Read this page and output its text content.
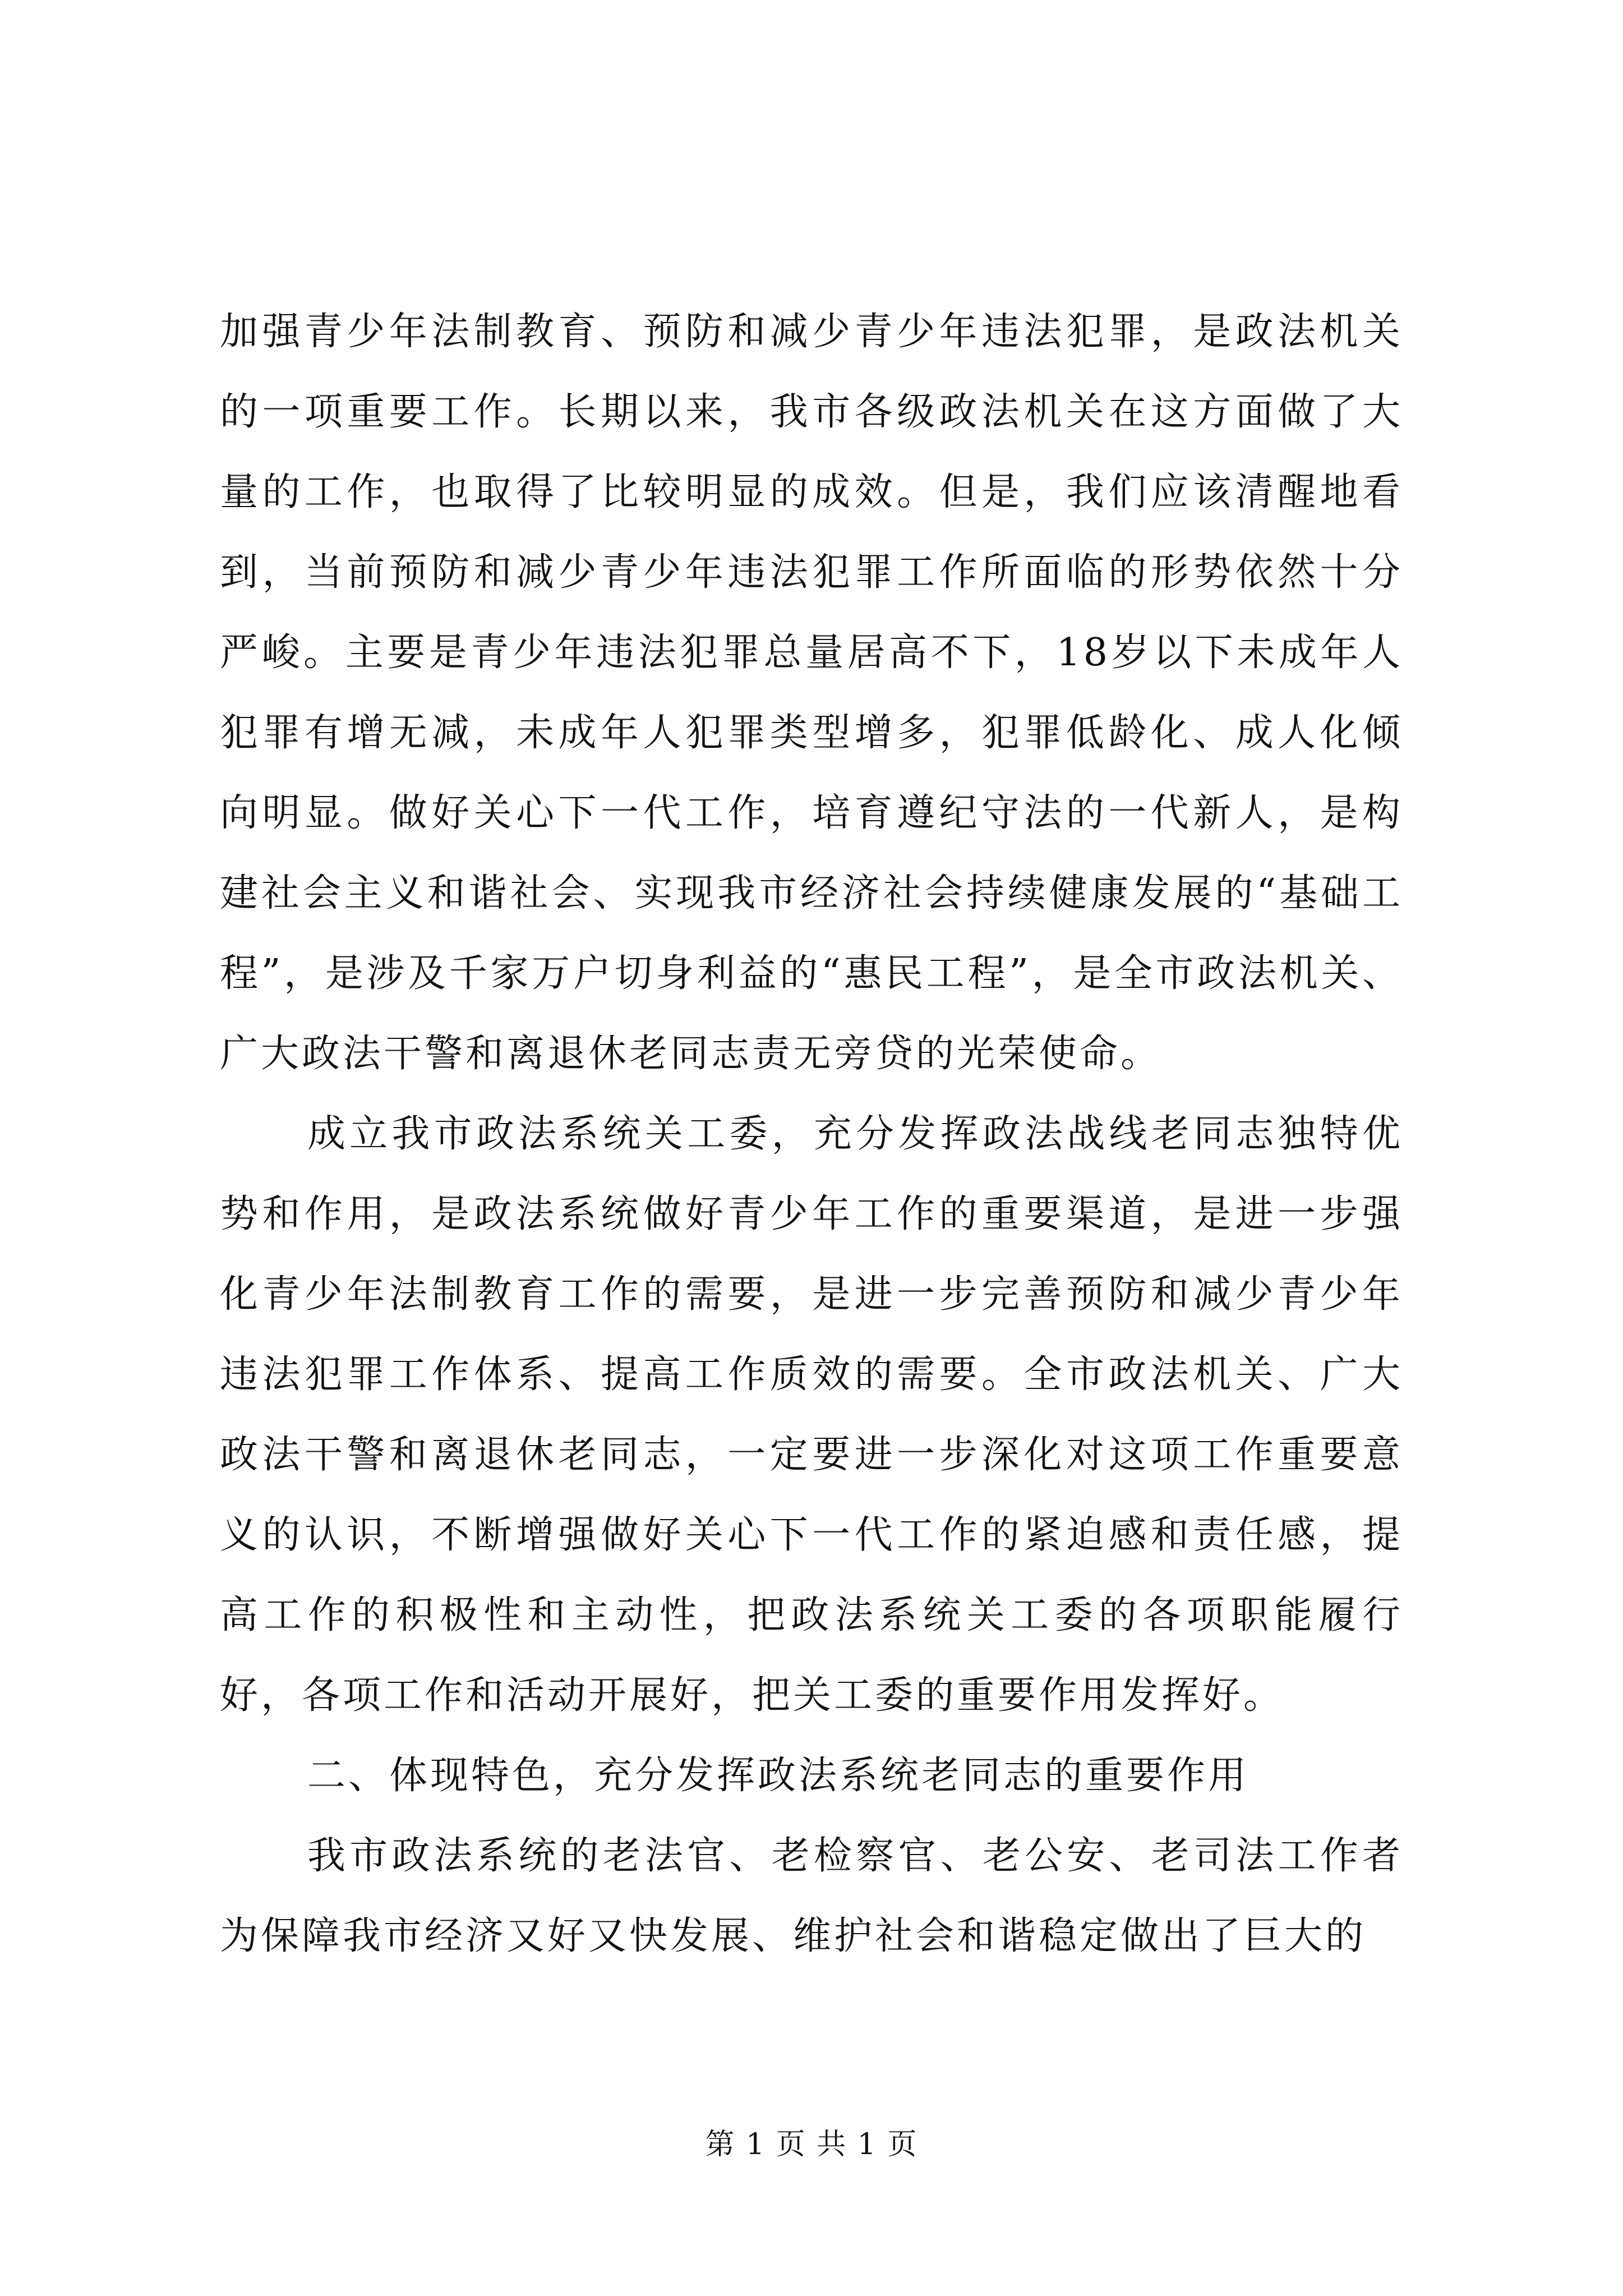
加强青少年法制教育、预防和减少青少年违法犯罪，是政法机关的一项重要工作。长期以来，我市各级政法机关在这方面做了大量的工作，也取得了比较明显的成效。但是，我们应该清醒地看到，当前预防和减少青少年违法犯罪工作所面临的形势依然十分严峻。主要是青少年违法犯罪总量居高不下，18岁以下未成年人犯罪有增无减，未成年人犯罪类型增多，犯罪低龄化、成人化倾向明显。做好关心下一代工作，培育遵纪守法的一代新人，是构建社会主义和谐社会、实现我市经济社会持续健康发展的“基础工程”，是涉及千家万户切身利益的“惠民工程”，是全市政法机关、广大政法干警和离退休老同志责无旁贷的光荣使命。

成立我市政法系统关工委，充分发挥政法战线老同志独特优势和作用，是政法系统做好青少年工作的重要渠道，是进一步强化青少年法制教育工作的需要，是进一步完善预防和减少青少年违法犯罪工作体系、提高工作质效的需要。全市政法机关、广大政法干警和离退休老同志，一定要进一步深化对这项工作重要意义的认识，不断增强做好关心下一代工作的紧迫感和责任感，提高工作的积极性和主动性，把政法系统关工委的各项职能履行好，各项工作和活动开展好，把关工委的重要作用发挥好。

二、体现特色，充分发挥政法系统老同志的重要作用

我市政法系统的老法官、老检察官、老公安、老司法工作者为保障我市经济又好又快发展、维护社会和谐稳定做出了巨大的

第 1 页 共 1 页
